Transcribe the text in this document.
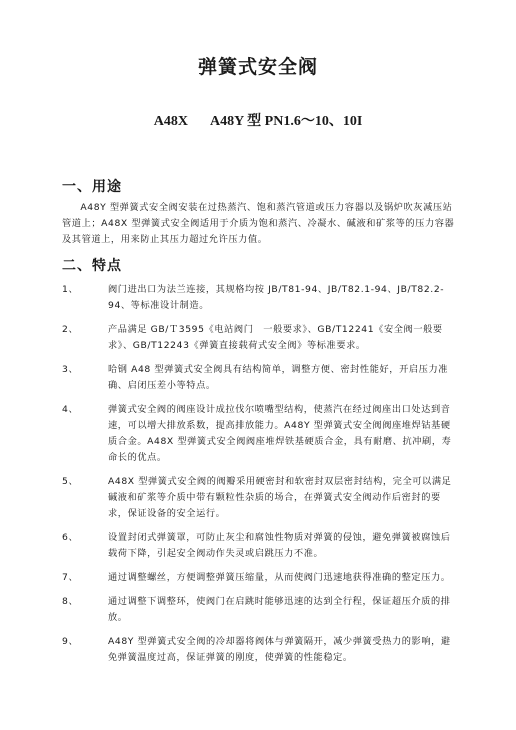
弹簧式安全阀
A48X A48Y 型 PN1.6～10、10I
一、用途
A48Y 型弹簧式安全阀安装在过热蒸汽、饱和蒸汽管道或压力容器以及锅炉吹灰减压站管道上；A48X 型弹簧式安全阀适用于介质为饱和蒸汽、冷凝水、碱液和矿浆等的压力容器及其管道上，用来防止其压力超过允许压力值。
二、特点
1、	阀门进出口为法兰连接，其规格均按 JB/T81-94、JB/T82.1-94、JB/T82.2-94、等标准设计制造。
2、	产品满足 GB/Ｔ3595《电站阀门　一般要求》、GB/T12241《安全阀一般要求》、GB/T12243《弹簧直接载荷式安全阀》等标准要求。
3、	哈钢 A48 型弹簧式安全阀具有结构简单，调整方便、密封性能好，开启压力准确、启闭压差小等特点。
4、	弹簧式安全阀的阀座设计成拉伐尔喷嘴型结构，使蒸汽在经过阀座出口处达到音速，可以增大排放系数，提高排放能力。A48Y 型弹簧式安全阀阀座堆焊钴基硬质合金。A48X 型弹簧式安全阀阀座堆焊铁基硬质合金，具有耐磨、抗冲刷，寿命长的优点。
5、	A48X 型弹簧式安全阀的阀瓣采用硬密封和软密封双层密封结构，完全可以满足碱液和矿浆等介质中带有颗粒性杂质的场合，在弹簧式安全阀动作后密封的要求，保证设备的安全运行。
6、	设置封闭式弹簧罩，可防止灰尘和腐蚀性物质对弹簧的侵蚀，避免弹簧被腐蚀后载荷下降，引起安全阀动作失灵或启跳压力不准。
7、	通过调整螺丝，方便调整弹簧压缩量，从而使阀门迅速地获得准确的整定压力。
8、	通过调整下调整环，使阀门在启跳时能够迅速的达到全行程，保证超压介质的排放。
9、	A48Y 型弹簧式安全阀的冷却器将阀体与弹簧隔开，减少弹簧受热力的影响，避免弹簧温度过高，保证弹簧的刚度，使弹簧的性能稳定。
